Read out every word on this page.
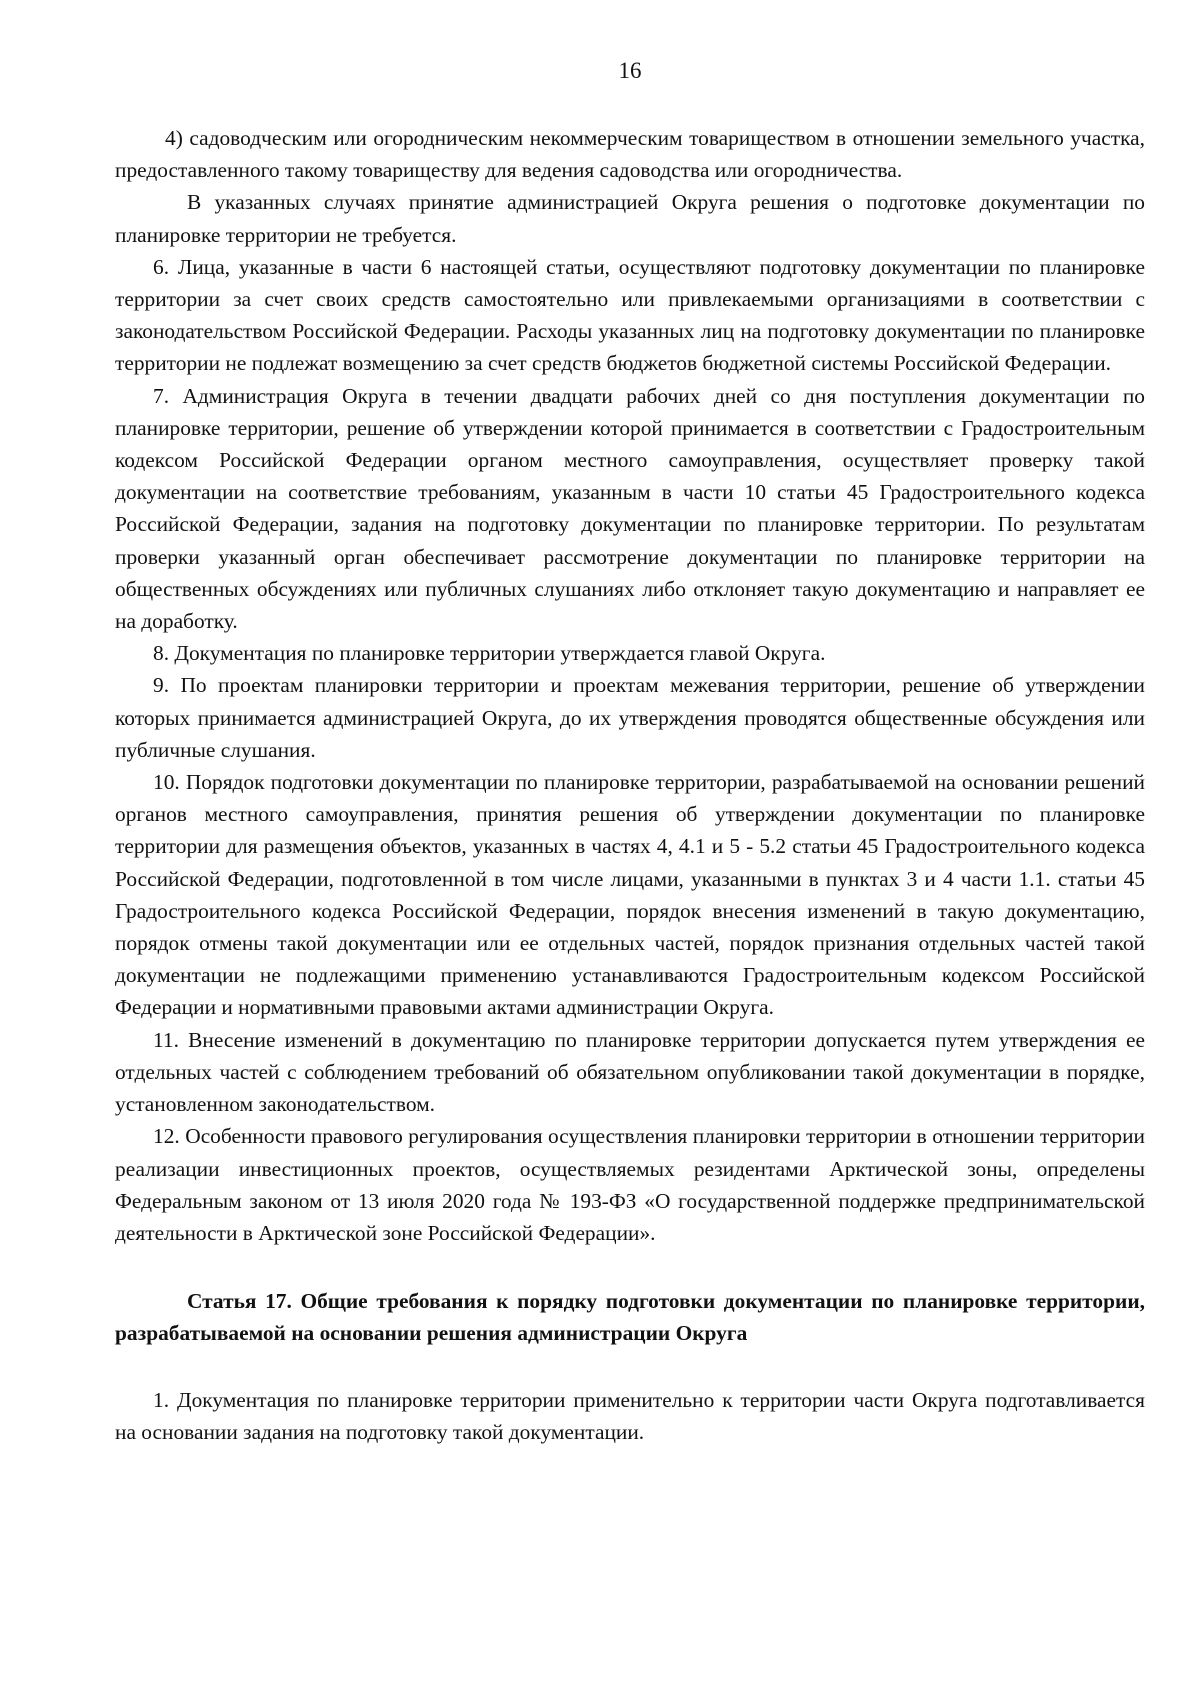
16

4) садоводческим или огородническим некоммерческим товариществом в отношении земельного участка, предоставленного такому товариществу для ведения садоводства или огородничества.

В указанных случаях принятие администрацией Округа решения о подготовке документации по планировке территории не требуется.

6. Лица, указанные в части 6 настоящей статьи, осуществляют подготовку документации по планировке территории за счет своих средств самостоятельно или привлекаемыми организациями в соответствии с законодательством Российской Федерации. Расходы указанных лиц на подготовку документации по планировке территории не подлежат возмещению за счет средств бюджетов бюджетной системы Российской Федерации.

7. Администрация Округа в течении двадцати рабочих дней со дня поступления документации по планировке территории, решение об утверждении которой принимается в соответствии с Градостроительным кодексом Российской Федерации органом местного самоуправления, осуществляет проверку такой документации на соответствие требованиям, указанным в части 10 статьи 45 Градостроительного кодекса Российской Федерации, задания на подготовку документации по планировке территории. По результатам проверки указанный орган обеспечивает рассмотрение документации по планировке территории на общественных обсуждениях или публичных слушаниях либо отклоняет такую документацию и направляет ее на доработку.

8. Документация по планировке территории утверждается главой Округа.

9. По проектам планировки территории и проектам межевания территории, решение об утверждении которых принимается администрацией Округа, до их утверждения проводятся общественные обсуждения или публичные слушания.

10. Порядок подготовки документации по планировке территории, разрабатываемой на основании решений органов местного самоуправления, принятия решения об утверждении документации по планировке территории для размещения объектов, указанных в частях 4, 4.1 и 5 - 5.2 статьи 45 Градостроительного кодекса Российской Федерации, подготовленной в том числе лицами, указанными в пунктах 3 и 4 части 1.1. статьи 45 Градостроительного кодекса Российской Федерации, порядок внесения изменений в такую документацию, порядок отмены такой документации или ее отдельных частей, порядок признания отдельных частей такой документации не подлежащими применению устанавливаются Градостроительным кодексом Российской Федерации и нормативными правовыми актами администрации Округа.

11. Внесение изменений в документацию по планировке территории допускается путем утверждения ее отдельных частей с соблюдением требований об обязательном опубликовании такой документации в порядке, установленном законодательством.

12. Особенности правового регулирования осуществления планировки территории в отношении территории реализации инвестиционных проектов, осуществляемых резидентами Арктической зоны, определены Федеральным законом от 13 июля 2020 года № 193-ФЗ «О государственной поддержке предпринимательской деятельности в Арктической зоне Российской Федерации».

Статья 17. Общие требования к порядку подготовки документации по планировке территории, разрабатываемой на основании решения администрации Округа

1. Документация по планировке территории применительно к территории части Округа подготавливается на основании задания на подготовку такой документации.
